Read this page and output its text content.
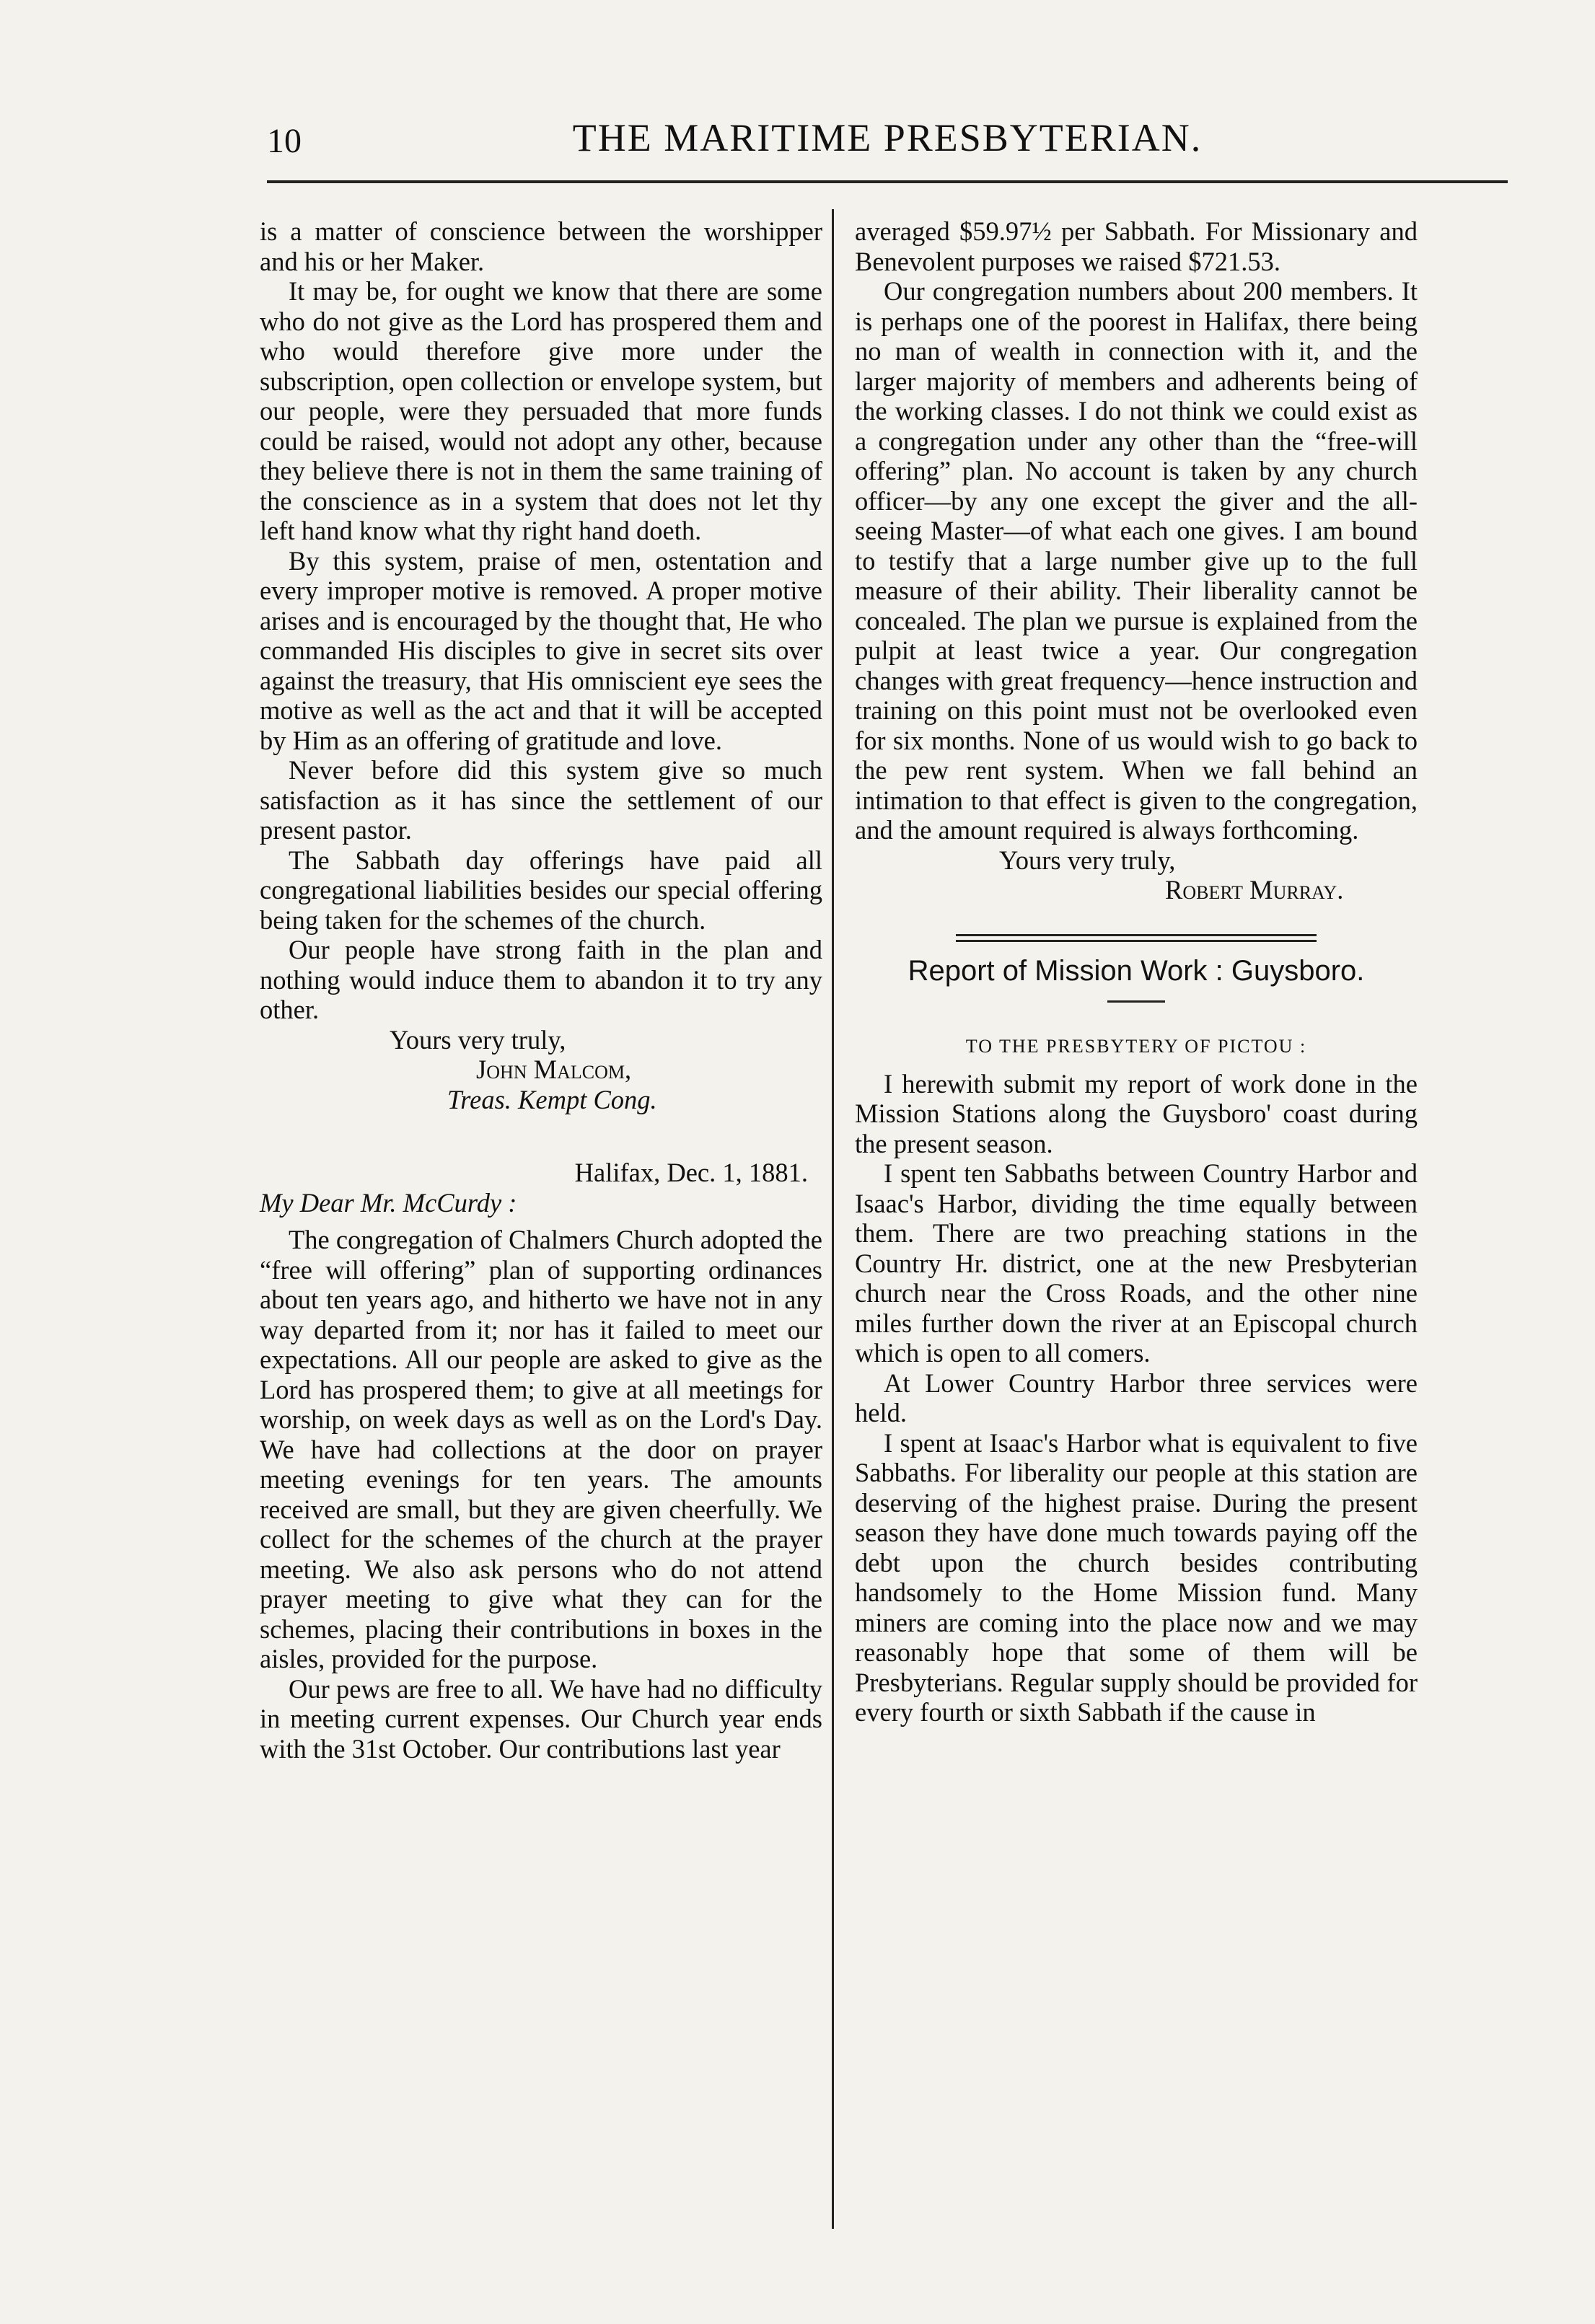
10	THE MARITIME PRESBYTERIAN.

is a matter of conscience between the worshipper and his or her Maker.

It may be, for ought we know that there are some who do not give as the Lord has prospered them and who would therefore give more under the subscription, open collection or envelope system, but our people, were they persuaded that more funds could be raised, would not adopt any other, because they believe there is not in them the same training of the conscience as in a system that does not let thy left hand know what thy right hand doeth.

By this system, praise of men, ostentation and every improper motive is removed. A proper motive arises and is encouraged by the thought that, He who commanded His disciples to give in secret sits over against the treasury, that His omniscient eye sees the motive as well as the act and that it will be accepted by Him as an offering of gratitude and love.

Never before did this system give so much satisfaction as it has since the settlement of our present pastor.

The Sabbath day offerings have paid all congregational liabilities besides our special offering being taken for the schemes of the church.

Our people have strong faith in the plan and nothing would induce them to abandon it to try any other.

Yours very truly,
John Malcom,
Treas. Kempt Cong.
Halifax, Dec. 1, 1881.
My Dear Mr. McCurdy :

The congregation of Chalmers Church adopted the “free will offering” plan of supporting ordinances about ten years ago, and hitherto we have not in any way departed from it; nor has it failed to meet our expectations. All our people are asked to give as the Lord has prospered them; to give at all meetings for worship, on week days as well as on the Lord's Day. We have had collections at the door on prayer meeting evenings for ten years. The amounts received are small, but they are given cheerfully. We collect for the schemes of the church at the prayer meeting. We also ask persons who do not attend prayer meeting to give what they can for the schemes, placing their contributions in boxes in the aisles, provided for the purpose.

Our pews are free to all. We have had no difficulty in meeting current expenses. Our Church year ends with the 31st October. Our contributions last year

averaged $59.97½ per Sabbath. For Missionary and Benevolent purposes we raised $721.53.

Our congregation numbers about 200 members. It is perhaps one of the poorest in Halifax, there being no man of wealth in connection with it, and the larger majority of members and adherents being of the working classes. I do not think we could exist as a congregation under any other than the “free-will offering” plan. No account is taken by any church officer—by any one except the giver and the all-seeing Master—of what each one gives. I am bound to testify that a large number give up to the full measure of their ability. Their liberality cannot be concealed. The plan we pursue is explained from the pulpit at least twice a year. Our congregation changes with great frequency—hence instruction and training on this point must not be overlooked even for six months. None of us would wish to go back to the pew rent system. When we fall behind an intimation to that effect is given to the congregation, and the amount required is always forthcoming.

Yours very truly,
Robert Murray.
Report of Mission Work : Guysboro.
TO THE PRESBYTERY OF PICTOU :

I herewith submit my report of work done in the Mission Stations along the Guysboro' coast during the present season.

I spent ten Sabbaths between Country Harbor and Isaac's Harbor, dividing the time equally between them. There are two preaching stations in the Country Hr. district, one at the new Presbyterian church near the Cross Roads, and the other nine miles further down the river at an Episcopal church which is open to all comers.

At Lower Country Harbor three services were held.

I spent at Isaac's Harbor what is equivalent to five Sabbaths. For liberality our people at this station are deserving of the highest praise. During the present season they have done much towards paying off the debt upon the church besides contributing handsomely to the Home Mission fund. Many miners are coming into the place now and we may reasonably hope that some of them will be Presbyterians. Regular supply should be provided for every fourth or sixth Sabbath if the cause in
